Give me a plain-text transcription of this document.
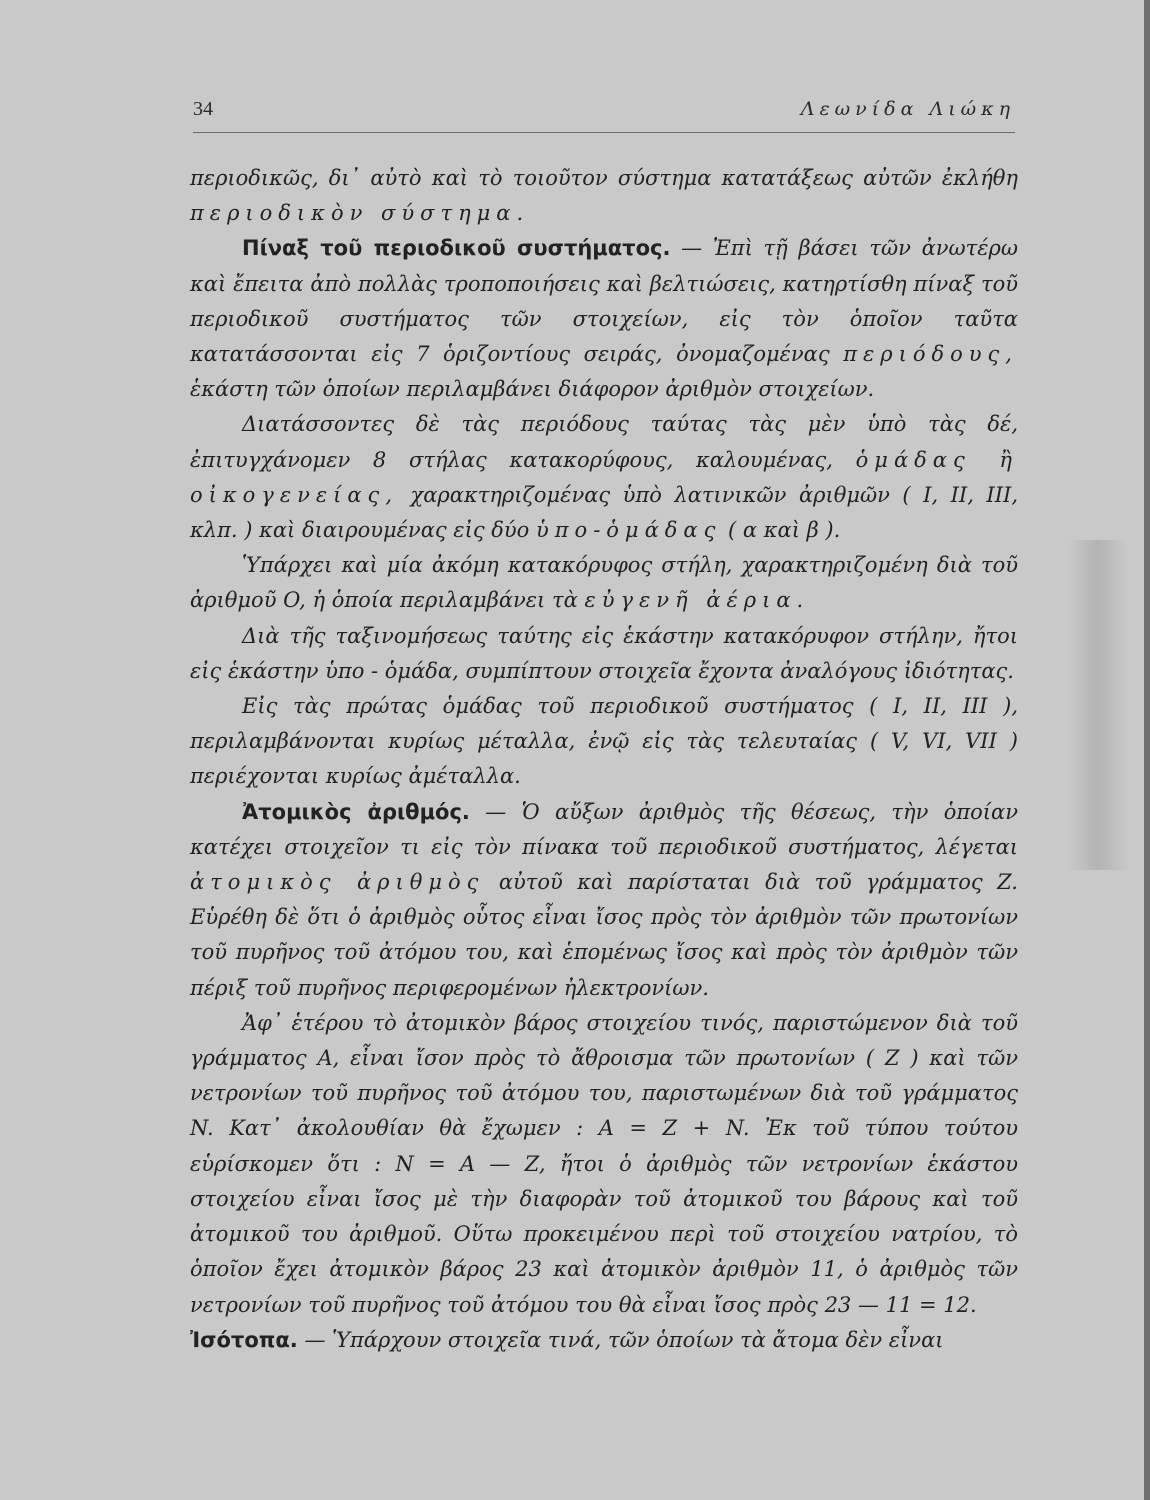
34	Λεωνίδα Λιώκη

περιοδικῶς, δι᾽ αὐτὸ καὶ τὸ τοιοῦτον σύστημα κατατάξεως αὐτῶν ἐκλήθη περιοδικὸν σύστημα.

Πίναξ τοῦ περιοδικοῦ συστήματος. — Ἐπὶ τῇ βάσει τῶν ἀνωτέρω καὶ ἔπειτα ἀπὸ πολλὰς τροποποιήσεις καὶ βελτιώσεις, κατηρτίσθη πίναξ τοῦ περιοδικοῦ συστήματος τῶν στοιχείων, εἰς τὸν ὁποῖον ταῦτα κατατάσσονται εἰς 7 ὁριζοντίους σειράς, ὀνομαζομένας περιόδους, ἑκάστη τῶν ὁποίων περιλαμβάνει διάφορον ἀριθμὸν στοιχείων.

Διατάσσοντες δὲ τὰς περιόδους ταύτας τὰς μὲν ὑπὸ τὰς δέ, ἐπιτυγχάνομεν 8 στήλας κατακορύφους, καλουμένας, ὁμάδας ἢ οἰκογενείας, χαρακτηριζομένας ὑπὸ λατινικῶν ἀριθμῶν ( I, II, III, κλπ. ) καὶ διαιρουμένας εἰς δύο ὑπο-ὁμάδας ( α καὶ β ).

Ὑπάρχει καὶ μία ἀκόμη κατακόρυφος στήλη, χαρακτηριζομένη διὰ τοῦ ἀριθμοῦ O, ἡ ὁποία περιλαμβάνει τὰ εὐγενῆ ἀέρια.

Διὰ τῆς ταξινομήσεως ταύτης εἰς ἑκάστην κατακόρυφον στήλην, ἤτοι εἰς ἑκάστην ὑπο - ὁμάδα, συμπίπτουν στοιχεῖα ἔχοντα ἀναλόγους ἰδιότητας.

Εἰς τὰς πρώτας ὁμάδας τοῦ περιοδικοῦ συστήματος ( I, II, III ), περιλαμβάνονται κυρίως μέταλλα, ἐνῷ εἰς τὰς τελευταίας ( V, VI, VII ) περιέχονται κυρίως ἀμέταλλα.

Ἀτομικὸς ἀριθμός. — Ὁ αὔξων ἀριθμὸς τῆς θέσεως, τὴν ὁποίαν κατέχει στοιχεῖον τι εἰς τὸν πίνακα τοῦ περιοδικοῦ συστήματος, λέγεται ἀτομικὸς ἀριθμὸς αὐτοῦ καὶ παρίσταται διὰ τοῦ γράμματος Z. Εὑρέθη δὲ ὅτι ὁ ἀριθμὸς οὗτος εἶναι ἴσος πρὸς τὸν ἀριθμὸν τῶν πρωτονίων τοῦ πυρῆνος τοῦ ἀτόμου του, καὶ ἑπομένως ἴσος καὶ πρὸς τὸν ἀριθμὸν τῶν πέριξ τοῦ πυρῆνος περιφερομένων ἠλεκτρονίων.

Ἀφ᾽ ἑτέρου τὸ ἀτομικὸν βάρος στοιχείου τινός, παριστώμενον διὰ τοῦ γράμματος A, εἶναι ἴσον πρὸς τὸ ἄθροισμα τῶν πρωτονίων ( Z ) καὶ τῶν νετρονίων τοῦ πυρῆνος τοῦ ἀτόμου του, παριστωμένων διὰ τοῦ γράμματος N. Κατ᾽ ἀκολουθίαν θὰ ἔχωμεν : A = Z + N. Ἐκ τοῦ τύπου τούτου εὑρίσκομεν ὅτι : N = A — Z, ἤτοι ὁ ἀριθμὸς τῶν νετρονίων ἑκάστου στοιχείου εἶναι ἴσος μὲ τὴν διαφορὰν τοῦ ἀτομικοῦ του βάρους καὶ τοῦ ἀτομικοῦ του ἀριθμοῦ. Οὕτω προκειμένου περὶ τοῦ στοιχείου νατρίου, τὸ ὁποῖον ἔχει ἀτομικὸν βάρος 23 καὶ ἀτομικὸν ἀριθμὸν 11, ὁ ἀριθμὸς τῶν νετρονίων τοῦ πυρῆνος τοῦ ἀτόμου του θὰ εἶναι ἴσος πρὸς 23 — 11 = 12.

Ἰσότοπα. — Ὑπάρχουν στοιχεῖα τινά, τῶν ὁποίων τὰ ἄτομα δὲν εἶναι
